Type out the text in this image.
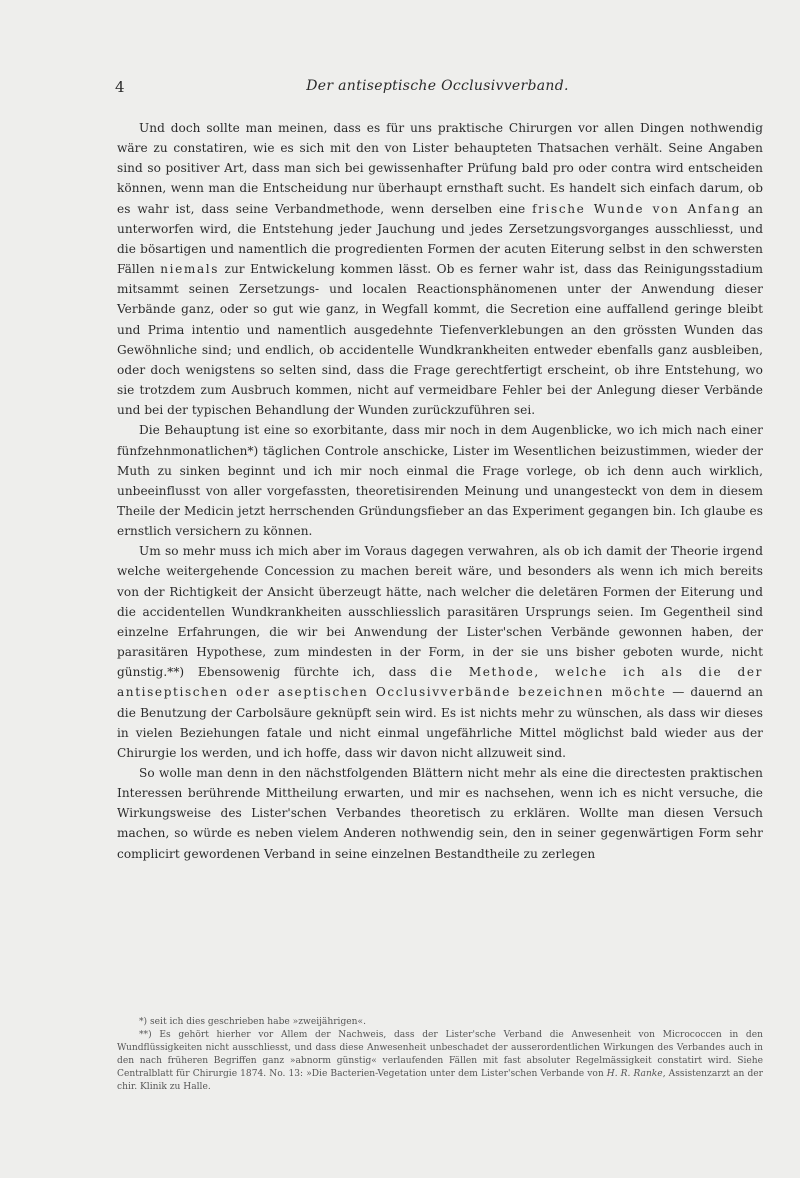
4	Der antiseptische Occlusivverband.

Und doch sollte man meinen, dass es für uns praktische Chirurgen vor allen Dingen nothwendig wäre zu constatiren, wie es sich mit den von Lister behaupteten Thatsachen verhält. Seine Angaben sind so positiver Art, dass man sich bei gewissenhafter Prüfung bald pro oder contra wird entscheiden können, wenn man die Entscheidung nur überhaupt ernsthaft sucht. Es handelt sich einfach darum, ob es wahr ist, dass seine Verbandmethode, wenn derselben eine frische Wunde von Anfang an unterworfen wird, die Entstehung jeder Jauchung und jedes Zersetzungsvorganges ausschliesst, und die bösartigen und namentlich die progredienten Formen der acuten Eiterung selbst in den schwersten Fällen niemals zur Entwickelung kommen lässt. Ob es ferner wahr ist, dass das Reinigungsstadium mitsammt seinen Zersetzungs- und localen Reactionsphänomenen unter der Anwendung dieser Verbände ganz, oder so gut wie ganz, in Wegfall kommt, die Secretion eine auffallend geringe bleibt und Prima intentio und namentlich ausgedehnte Tiefenverklebungen an den grössten Wunden das Gewöhnliche sind; und endlich, ob accidentelle Wundkrankheiten entweder ebenfalls ganz ausbleiben, oder doch wenigstens so selten sind, dass die Frage gerechtfertigt erscheint, ob ihre Entstehung, wo sie trotzdem zum Ausbruch kommen, nicht auf vermeidbare Fehler bei der Anlegung dieser Verbände und bei der typischen Behandlung der Wunden zurückzuführen sei.

Die Behauptung ist eine so exorbitante, dass mir noch in dem Augenblicke, wo ich mich nach einer fünfzehnmonatlichen*) täglichen Controle anschicke, Lister im Wesentlichen beizustimmen, wieder der Muth zu sinken beginnt und ich mir noch einmal die Frage vorlege, ob ich denn auch wirklich, unbeeinflusst von aller vorgefassten, theoretisirenden Meinung und unangesteckt von dem in diesem Theile der Medicin jetzt herrschenden Gründungsfieber an das Experiment gegangen bin. Ich glaube es ernstlich versichern zu können.

Um so mehr muss ich mich aber im Voraus dagegen verwahren, als ob ich damit der Theorie irgend welche weitergehende Concession zu machen bereit wäre, und besonders als wenn ich mich bereits von der Richtigkeit der Ansicht überzeugt hätte, nach welcher die deletären Formen der Eiterung und die accidentellen Wundkrankheiten ausschliesslich parasitären Ursprungs seien. Im Gegentheil sind einzelne Erfahrungen, die wir bei Anwendung der Lister'schen Verbände gewonnen haben, der parasitären Hypothese, zum mindesten in der Form, in der sie uns bisher geboten wurde, nicht günstig.**) Ebensowenig fürchte ich, dass die Methode, welche ich als die der antiseptischen oder aseptischen Occlusivverbände bezeichnen möchte — dauernd an die Benutzung der Carbolsäure geknüpft sein wird. Es ist nichts mehr zu wünschen, als dass wir dieses in vielen Beziehungen fatale und nicht einmal ungefährliche Mittel möglichst bald wieder aus der Chirurgie los werden, und ich hoffe, dass wir davon nicht allzuweit sind.

So wolle man denn in den nächstfolgenden Blättern nicht mehr als eine die directesten praktischen Interessen berührende Mittheilung erwarten, und mir es nachsehen, wenn ich es nicht versuche, die Wirkungsweise des Lister'schen Verbandes theoretisch zu erklären. Wollte man diesen Versuch machen, so würde es neben vielem Anderen nothwendig sein, den in seiner gegenwärtigen Form sehr complicirt gewordenen Verband in seine einzelnen Bestandtheile zu zerlegen

*) seit ich dies geschrieben habe »zweijährigen«.

**) Es gehört hierher vor Allem der Nachweis, dass der Lister'sche Verband die Anwesenheit von Micrococcen in den Wundflüssigkeiten nicht ausschliesst, und dass diese Anwesenheit unbeschadet der ausserordentlichen Wirkungen des Verbandes auch in den nach früheren Begriffen ganz »abnorm günstig« verlaufenden Fällen mit fast absoluter Regelmässigkeit constatirt wird. Siehe Centralblatt für Chirurgie 1874. No. 13: »Die Bacterien-Vegetation unter dem Lister'schen Verbande von H. R. Ranke, Assistenzarzt an der chir. Klinik zu Halle.
